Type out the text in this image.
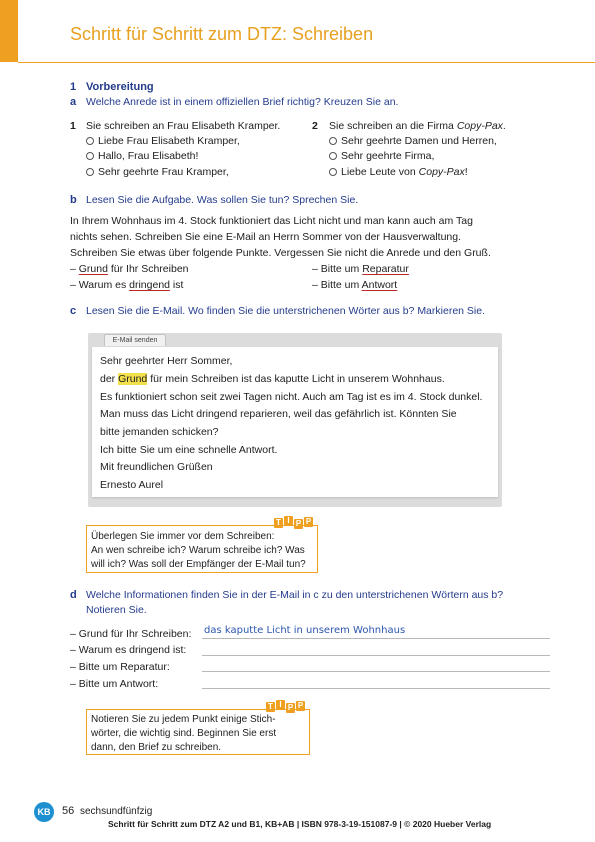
Schritt für Schritt zum DTZ: Schreiben
1 Vorbereitung
a Welche Anrede ist in einem offiziellen Brief richtig? Kreuzen Sie an.
1 Sie schreiben an Frau Elisabeth Kramper.
Liebe Frau Elisabeth Kramper,
Hallo, Frau Elisabeth!
Sehr geehrte Frau Kramper,
2 Sie schreiben an die Firma Copy-Pax.
Sehr geehrte Damen und Herren,
Sehr geehrte Firma,
Liebe Leute von Copy-Pax!
b Lesen Sie die Aufgabe. Was sollen Sie tun? Sprechen Sie.
In Ihrem Wohnhaus im 4. Stock funktioniert das Licht nicht und man kann auch am Tag
nichts sehen. Schreiben Sie eine E-Mail an Herrn Sommer von der Hausverwaltung.
Schreiben Sie etwas über folgende Punkte. Vergessen Sie nicht die Anrede und den Gruß.
– Grund für Ihr Schreiben
– Warum es dringend ist
– Bitte um Reparatur
– Bitte um Antwort
c Lesen Sie die E-Mail. Wo finden Sie die unterstrichenen Wörter aus b? Markieren Sie.
E-Mail senden
Sehr geehrter Herr Sommer,
der Grund für mein Schreiben ist das kaputte Licht in unserem Wohnhaus.
Es funktioniert schon seit zwei Tagen nicht. Auch am Tag ist es im 4. Stock dunkel.
Man muss das Licht dringend reparieren, weil das gefährlich ist. Könnten Sie
bitte jemanden schicken?
Ich bitte Sie um eine schnelle Antwort.
Mit freundlichen Grüßen
Ernesto Aurel
T I P P
Überlegen Sie immer vor dem Schreiben:
An wen schreibe ich? Warum schreibe ich? Was
will ich? Was soll der Empfänger der E-Mail tun?
d Welche Informationen finden Sie in der E-Mail in c zu den unterstrichenen Wörtern aus b?
Notieren Sie.
– Grund für Ihr Schreiben: das kaputte Licht in unserem Wohnhaus
– Warum es dringend ist:
– Bitte um Reparatur:
– Bitte um Antwort:
T I P P
Notieren Sie zu jedem Punkt einige Stich-
wörter, die wichtig sind. Beginnen Sie erst
dann, den Brief zu schreiben.
KB	56 sechsundfünfzig
Schritt für Schritt zum DTZ A2 und B1, KB+AB | ISBN 978-3-19-151087-9 | © 2020 Hueber Verlag
